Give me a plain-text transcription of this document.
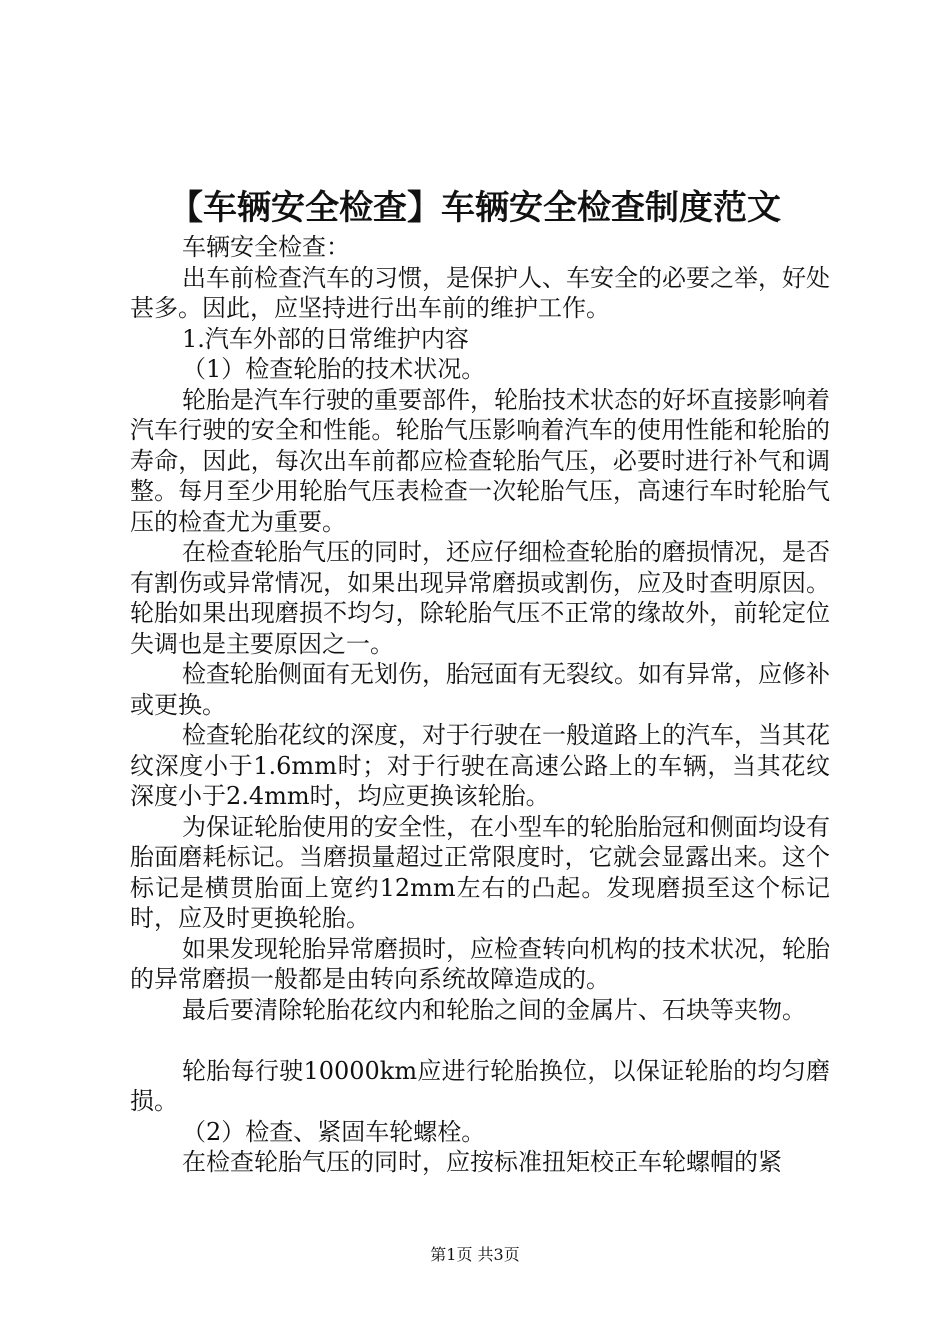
【车辆安全检查】车辆安全检查制度范文

车辆安全检查：

出车前检查汽车的习惯，是保护人、车安全的必要之举，好处甚多。因此，应坚持进行出车前的维护工作。

1.汽车外部的日常维护内容

（1）检查轮胎的技术状况。

轮胎是汽车行驶的重要部件，轮胎技术状态的好坏直接影响着汽车行驶的安全和性能。轮胎气压影响着汽车的使用性能和轮胎的寿命，因此，每次出车前都应检查轮胎气压，必要时进行补气和调整。每月至少用轮胎气压表检查一次轮胎气压，高速行车时轮胎气压的检查尤为重要。

在检查轮胎气压的同时，还应仔细检查轮胎的磨损情况，是否有割伤或异常情况，如果出现异常磨损或割伤，应及时查明原因。轮胎如果出现磨损不均匀，除轮胎气压不正常的缘故外，前轮定位失调也是主要原因之一。

检查轮胎侧面有无划伤，胎冠面有无裂纹。如有异常，应修补或更换。

检查轮胎花纹的深度，对于行驶在一般道路上的汽车，当其花纹深度小于1.6mm时；对于行驶在高速公路上的车辆，当其花纹深度小于2.4mm时，均应更换该轮胎。

为保证轮胎使用的安全性，在小型车的轮胎胎冠和侧面均设有胎面磨耗标记。当磨损量超过正常限度时，它就会显露出来。这个标记是横贯胎面上宽约12mm左右的凸起。发现磨损至这个标记时，应及时更换轮胎。

如果发现轮胎异常磨损时，应检查转向机构的技术状况，轮胎的异常磨损一般都是由转向系统故障造成的。

最后要清除轮胎花纹内和轮胎之间的金属片、石块等夹物。

轮胎每行驶10000km应进行轮胎换位，以保证轮胎的均匀磨损。

（2）检查、紧固车轮螺栓。

在检查轮胎气压的同时，应按标准扭矩校正车轮螺帽的紧

第1页 共3页
